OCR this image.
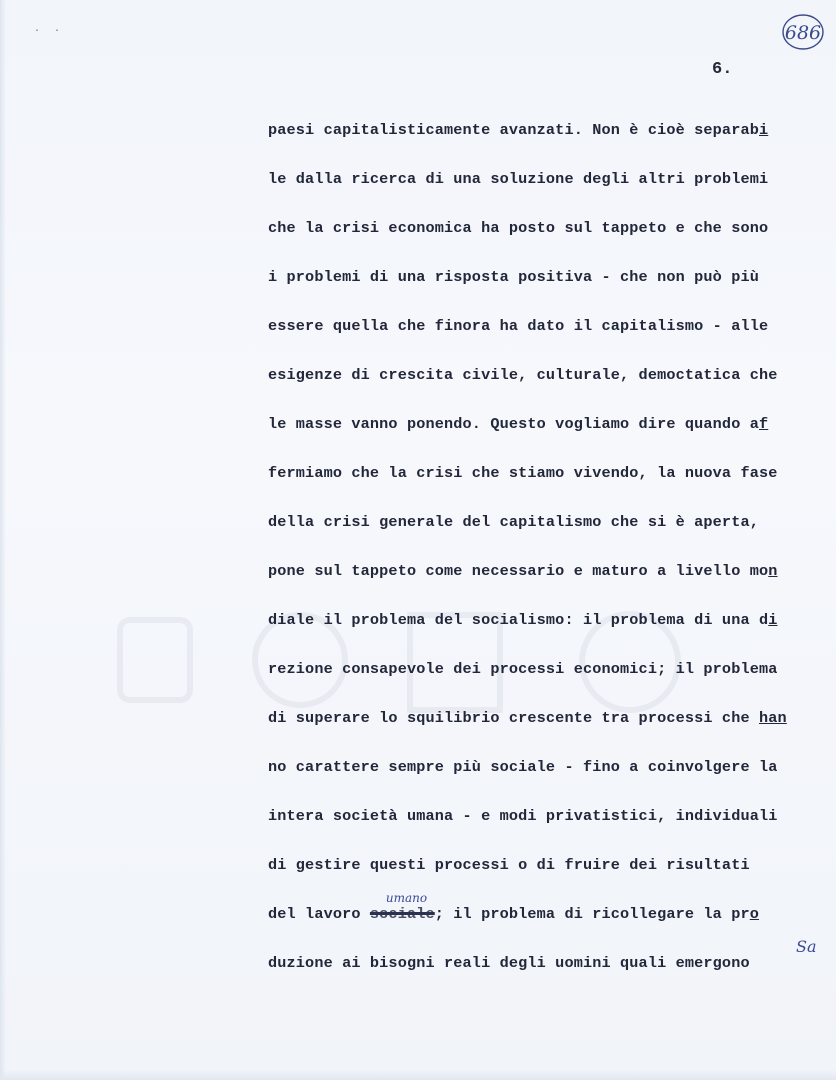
··	686
6.
paesi capitalisticamente avanzati. Non è cioè separabi
le dalla ricerca di una soluzione degli altri problemi
che la crisi economica ha posto sul tappeto e che sono
i problemi di una risposta positiva - che non può più
essere quella che finora ha dato il capitalismo - alle
esigenze di crescita civile, culturale, democtatica che
le masse vanno ponendo. Questo vogliamo dire quando af
fermiamo che la crisi che stiamo vivendo, la nuova fase
della crisi generale del capitalismo che si è aperta,
pone sul tappeto come necessario e maturo a livello mon
diale il problema del socialismo: il problema di una di
rezione consapevole dei processi economici; il problema
di superare lo squilibrio crescente tra processi che han
no carattere sempre più sociale - fino a coinvolgere la
intera società umana - e modi privatistici, individuali
di gestire questi processi o di fruire dei risultati
del lavoro sociale
umano
; il problema di ricollegare la pro
duzione ai bisogni reali degli uomini quali emergono
Sa
